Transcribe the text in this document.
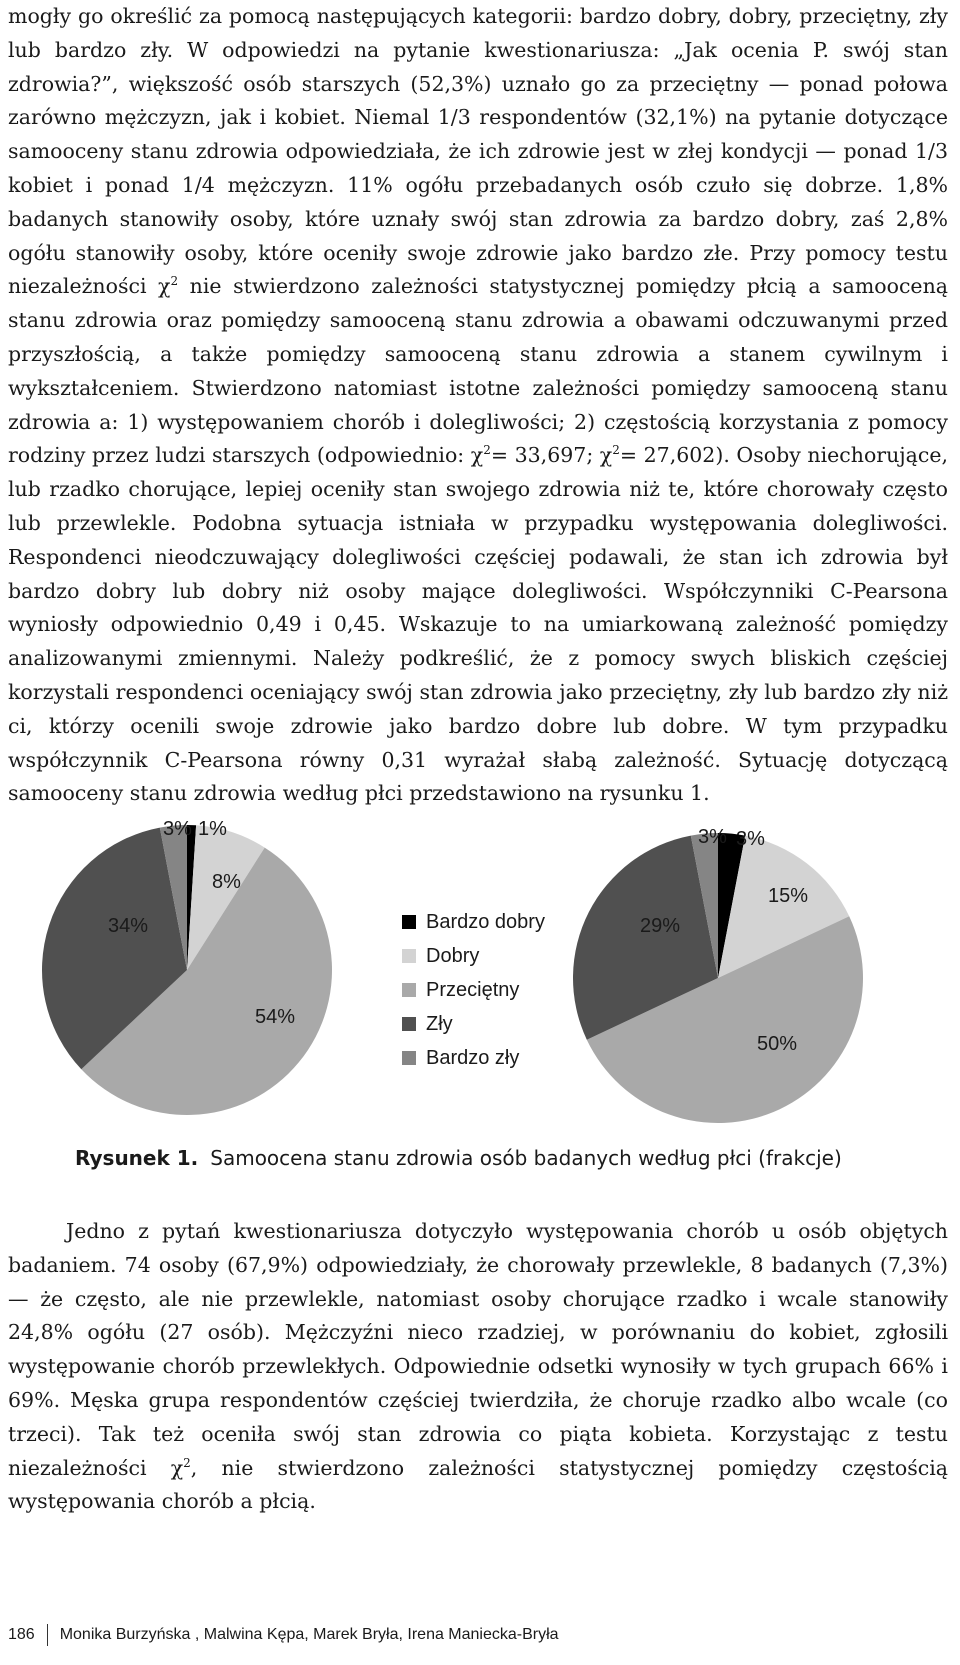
mogły go określić za pomocą następujących kategorii: bardzo dobry, dobry, przeciętny, zły lub bardzo zły. W odpowiedzi na pytanie kwestionariusza: „Jak ocenia P. swój stan zdrowia?”, większość osób starszych (52,3%) uznało go za przeciętny — ponad połowa zarówno mężczyzn, jak i kobiet. Niemal 1/3 respondentów (32,1%) na pytanie dotyczące samooceny stanu zdrowia odpowiedziała, że ich zdrowie jest w złej kondycji — ponad 1/3 kobiet i ponad 1/4 mężczyzn. 11% ogółu przebadanych osób czuło się dobrze. 1,8% badanych stanowiły osoby, które uznały swój stan zdrowia za bardzo dobry, zaś 2,8% ogółu stanowiły osoby, które oceniły swoje zdrowie jako bardzo złe. Przy pomocy testu niezależności $\chi^2$ nie stwierdzono zależności statystycznej pomiędzy płcią a samooceną stanu zdrowia oraz pomiędzy samooceną stanu zdrowia a obawami odczuwanymi przed przyszłością, a także pomiędzy samooceną stanu zdrowia a stanem cywilnym i wykształceniem. Stwierdzono natomiast istotne zależności pomiędzy samooceną stanu zdrowia a: 1) występowaniem chorób i dolegliwości; 2) częstością korzystania z pomocy rodziny przez ludzi starszych (odpowiednio: $\chi^2= 33,697$; $\chi^2= 27,602$). Osoby niechorujące, lub rzadko chorujące, lepiej oceniły stan swojego zdrowia niż te, które chorowały często lub przewlekle. Podobna sytuacja istniała w przypadku występowania dolegliwości. Respondenci nieodczuwający dolegliwości częściej podawali, że stan ich zdrowia był bardzo dobry lub dobry niż osoby mające dolegliwości. Współczynniki C-Pearsona wyniosły odpowiednio 0,49 i 0,45. Wskazuje to na umiarkowaną zależność pomiędzy analizowanymi zmiennymi. Należy podkreślić, że z pomocy swych bliskich częściej korzystali respondenci oceniający swój stan zdrowia jako przeciętny, zły lub bardzo zły niż ci, którzy ocenili swoje zdrowie jako bardzo dobre lub dobre. W tym przypadku współczynnik C-Pearsona równy 0,31 wyrażał słabą zależność. Sytuację dotyczącą samooceny stanu zdrowia według płci przedstawiono na rysunku 1.

1%
8%
54%
34%
3%	3%
15%
50%
29%
3%
Bardzo dobry
Dobry
Przeciętny
Zły
Bardzo zły
Rysunek 1. Samoocena stanu zdrowia osób badanych według płci (frakcje)

Jedno z pytań kwestionariusza dotyczyło występowania chorób u osób objętych badaniem. 74 osoby (67,9%) odpowiedziały, że chorowały przewlekle, 8 badanych (7,3%) — że często, ale nie przewlekle, natomiast osoby chorujące rzadko i wcale stanowiły 24,8% ogółu (27 osób). Mężczyźni nieco rzadziej, w porównaniu do kobiet, zgłosili występowanie chorób przewlekłych. Odpowiednie odsetki wynosiły w tych grupach 66% i 69%. Męska grupa respondentów częściej twierdziła, że choruje rzadko albo wcale (co trzeci). Tak też oceniła swój stan zdrowia co piąta kobieta. Korzystając z testu niezależności $\chi^2$, nie stwierdzono zależności statystycznej pomiędzy częstością występowania chorób a płcią.

186 Monika Burzyńska , Malwina Kępa, Marek Bryła, Irena Maniecka-Bryła
